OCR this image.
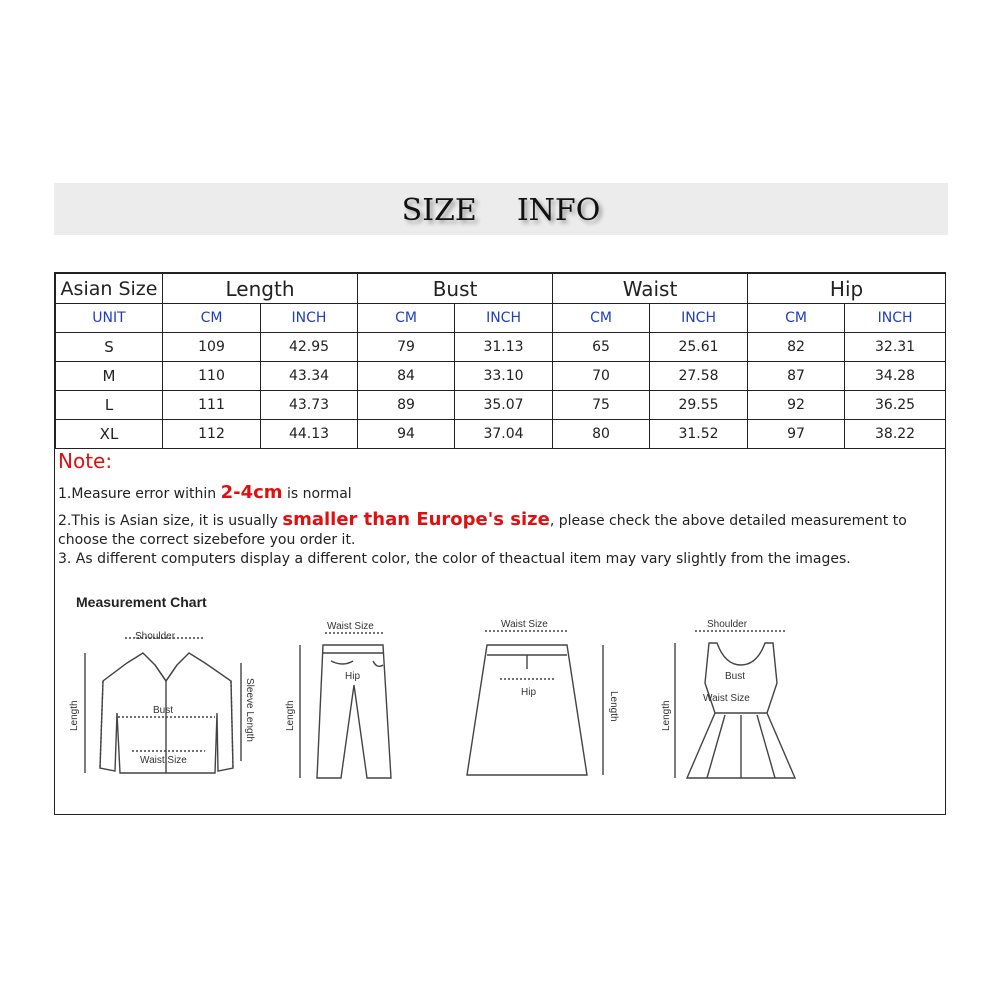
SIZE INFO
Asian Size	Length		Bust		Waist		Hip	
UNIT	CM	INCH	CM	INCH	CM	INCH	CM	INCH
S	109	42.95	79	31.13	65	25.61	82	32.31
M	110	43.34	84	33.10	70	27.58	87	34.28
L	111	43.73	89	35.07	75	29.55	92	36.25
XL	112	44.13	94	37.04	80	31.52	97	38.22

Note:

1.Measure error within 2-4cm is normal

2.This is Asian size, it is usually smaller than Europe's size, please check the above detailed measurement to choose the correct sizebefore you order it.

3. As different computers display a different color, the color of theactual item may vary slightly from the images.

Measurement Chart
Shoulder
Bust
Waist Size
Length	Sleeve Length
Waist Size
Hip
Length
Waist Size
Hip	Length
Shoulder
Bust
Waist Size
Length
